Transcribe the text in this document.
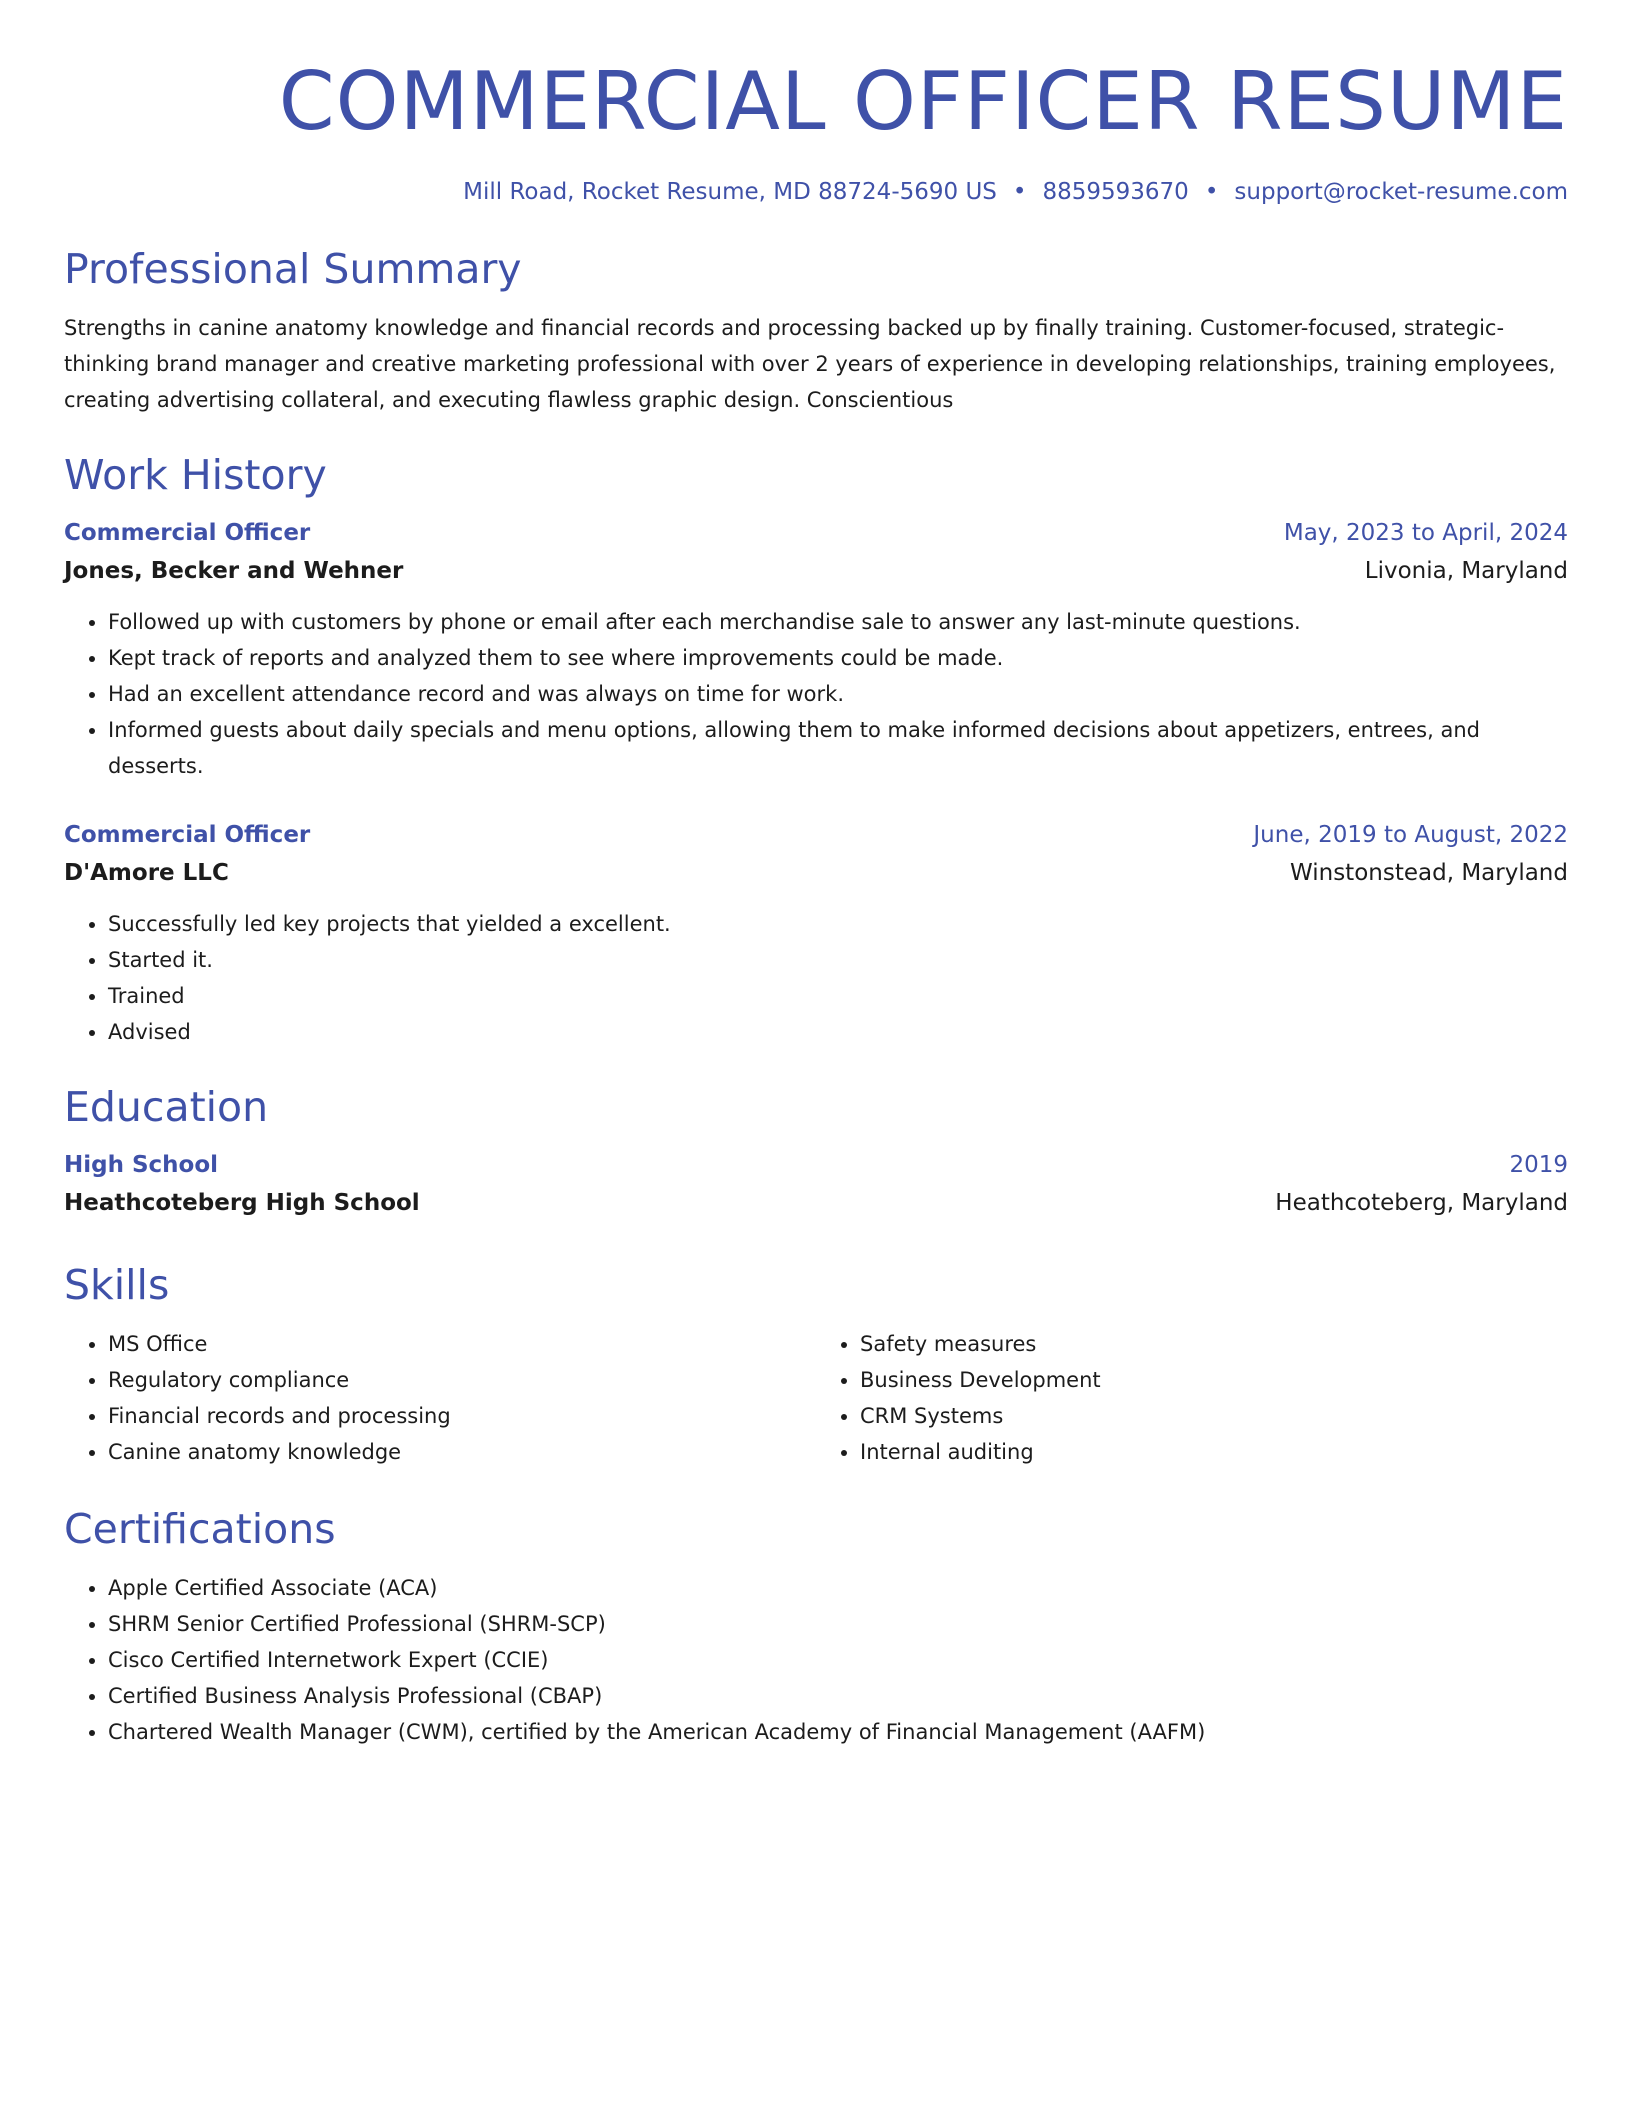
COMMERCIAL OFFICER RESUME
Mill Road, Rocket Resume, MD 88724-5690 US • 8859593670 • support@rocket-resume.com
Professional Summary
Strengths in canine anatomy knowledge and financial records and processing backed up by finally training. Customer-focused, strategic-thinking brand manager and creative marketing professional with over 2 years of experience in developing relationships, training employees, creating advertising collateral, and executing flawless graphic design. Conscientious
Work History
Commercial Officer	May, 2023 to April, 2024
Jones, Becker and Wehner	Livonia, Maryland
• Followed up with customers by phone or email after each merchandise sale to answer any last-minute questions.
• Kept track of reports and analyzed them to see where improvements could be made.
• Had an excellent attendance record and was always on time for work.
• Informed guests about daily specials and menu options, allowing them to make informed decisions about appetizers, entrees, and desserts.
Commercial Officer	June, 2019 to August, 2022
D'Amore LLC	Winstonstead, Maryland
• Successfully led key projects that yielded a excellent.
• Started it.
• Trained
• Advised
Education
High School	2019
Heathcoteberg High School	Heathcoteberg, Maryland
Skills
• MS Office
• Regulatory compliance
• Financial records and processing
• Canine anatomy knowledge
• Safety measures
• Business Development
• CRM Systems
• Internal auditing
Certifications
• Apple Certified Associate (ACA)
• SHRM Senior Certified Professional (SHRM-SCP)
• Cisco Certified Internetwork Expert (CCIE)
• Certified Business Analysis Professional (CBAP)
• Chartered Wealth Manager (CWM), certified by the American Academy of Financial Management (AAFM)
